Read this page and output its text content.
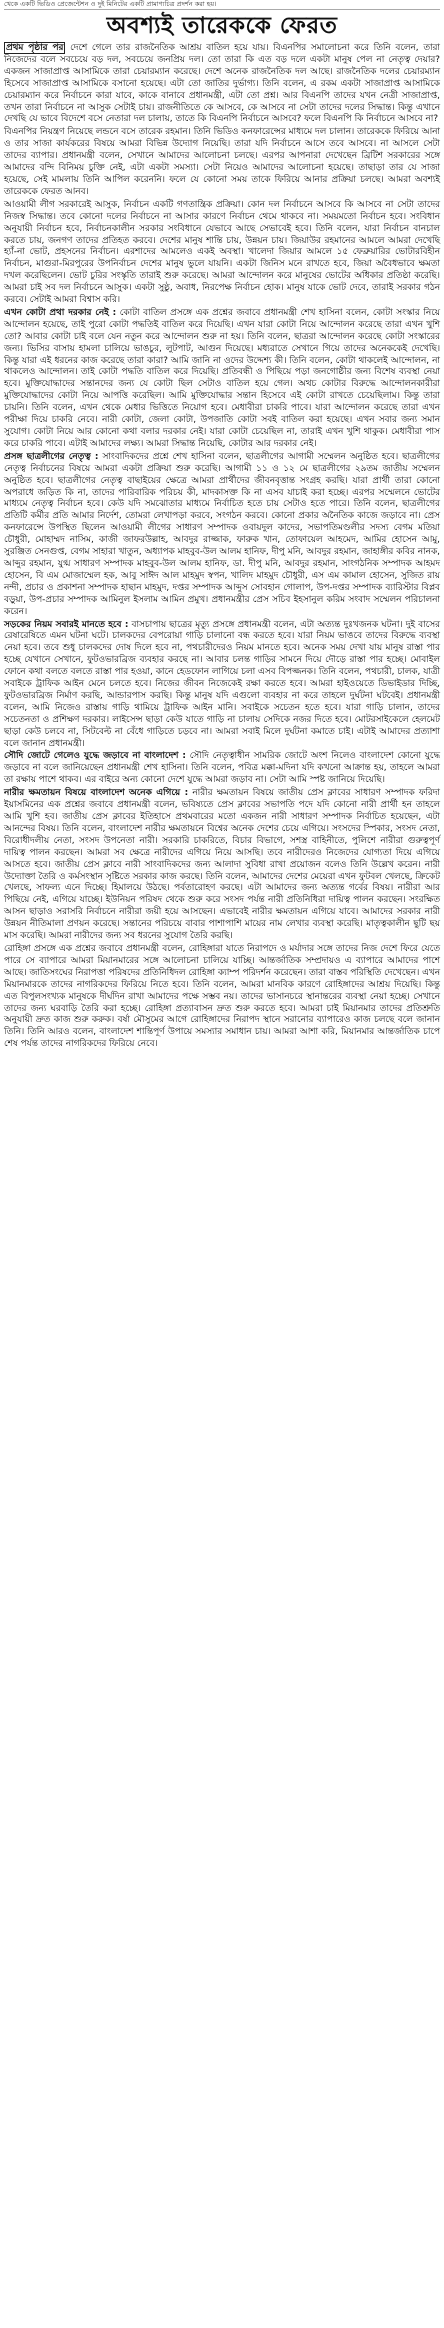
খেকে একটি ভিডিও প্রেজেন্টেশন ও দুই মিনিটের একটি প্রামাণ্যচিত্র প্রদর্শন করা হয়।
অবশ্যই তারেককে ফেরত

প্রথম পৃষ্ঠার পর দেশে গেলে তার রাজনৈতিক আশ্রয় বাতিল হয়ে যায়। বিএনপির সমালোচনা করে তিনি বলেন, তারা নিজেদের বলে সবচেয়ে বড় দল, সবচেয়ে জনপ্রিয় দল। তো তারা কি এত বড় দলে একটা মানুষ পেল না নেতৃত্ব দেয়ার? একজন সাজাপ্রাপ্ত আসামিকে তারা চেয়ারম্যান করেছে। দেশে অনেক রাজনৈতিক দল আছে। রাজনৈতিক দলের চেয়ারম্যান হিসেবে সাজাপ্রাপ্ত আসামিকে বসানো হয়েছে। এটা তো জাতির দুর্ভাগ্য। তিনি বলেন, এ রকম একটা সাজাপ্রাপ্ত আসামিকে চেয়ারম্যান করে নির্বাচনে কারা যাবে, কাকে বানাবে প্রধানমন্ত্রী, এটা তো প্রশ্ন। আর বিএনপি তাদের যখন নেত্রী সাজাপ্রাপ্ত, তখন তারা নির্বাচনে না আসুক সেটাই চায়। রাজনীতিতে কে আসবে, কে আসবে না সেটা তাদের দলের সিদ্ধান্ত। কিন্তু এখানে দেখছি যে ভাবে বিদেশে বসে নেতারা দল চালায়, তাতে কি বিএনপি নির্বাচনে আসবে? ফলে বিএনপি কি নির্বাচনে আসবে না?

বিএনপির নিয়ন্ত্রণ নিয়েছে লন্ডনে বসে তারেক রহমান। তিনি ভিডিও কনফারেন্সের মাধ্যমে দল চালান। তারেককে ফিরিয়ে আনা ও তার সাজা কার্যকরের বিষয়ে আমরা বিভিন্ন উদ্যোগ নিয়েছি। তারা যদি নির্বাচনে আসে তবে আসবে। না আসলে সেটা তাদের ব্যাপার। প্রধানমন্ত্রী বলেন, সেখানে আমাদের আলোচনা চলছে। এরপর আপনারা দেখেছেন ব্রিটিশ সরকারের সঙ্গে আমাদের বন্দি বিনিময় চুক্তি নেই, এটা একটা সমস্যা। সেটা নিয়েও আমাদের আলোচনা হয়েছে। তাছাড়া তার যে সাজা হয়েছে, সেই মামলায় তিনি আপিল করেননি। ফলে যে কোনো সময় তাকে ফিরিয়ে আনার প্রক্রিয়া চলছে। আমরা অবশ্যই তারেককে ফেরত আনব।

আওয়ামী লীগ সরকারেই আসুক, নির্বাচন একটি গণতান্ত্রিক প্রক্রিয়া। কোন দল নির্বাচনে আসবে কি আসবে না সেটা তাদের নিজস্ব সিদ্ধান্ত। তবে কোনো দলের নির্বাচনে না আসার কারণে নির্বাচন থেমে থাকবে না। সময়মতো নির্বাচন হবে। সংবিধান অনুযায়ী নির্বাচন হবে, নির্বাচনকালীন সরকার সংবিধানে যেভাবে আছে সেভাবেই হবে। তিনি বলেন, যারা নির্বাচন বানচাল করতে চায়, জনগণ তাদের প্রতিহত করবে। দেশের মানুষ শান্তি চায়, উন্নয়ন চায়। জিয়াউর রহমানের আমলে আমরা দেখেছি হ্যাঁ-না ভোট, প্রহসনের নির্বাচন। এরশাদের আমলেও একই অবস্থা। খালেদা জিয়ার আমলে ১৫ ফেব্রুয়ারির ভোটারবিহীন নির্বাচন, মাগুরা-মিরপুরের উপনির্বাচন দেশের মানুষ ভুলে যায়নি। একটা জিনিস মনে রাখতে হবে, জিয়া অবৈধভাবে ক্ষমতা দখল করেছিলেন। ভোট চুরির সংস্কৃতি তারাই শুরু করেছে। আমরা আন্দোলন করে মানুষের ভোটের অধিকার প্রতিষ্ঠা করেছি। আমরা চাই সব দল নির্বাচনে আসুক। একটা সুষ্ঠু, অবাধ, নিরপেক্ষ নির্বাচন হোক। মানুষ যাকে ভোট দেবে, তারাই সরকার গঠন করবে। সেটাই আমরা বিশ্বাস করি।

এখন কোটা প্রথা দরকার নেই : কোটা বাতিল প্রসঙ্গে এক প্রশ্নের জবাবে প্রধানমন্ত্রী শেখ হাসিনা বলেন, কোটা সংস্কার নিয়ে আন্দোলন হয়েছে, তাই পুরো কোটা পদ্ধতিই বাতিল করে দিয়েছি। এখন যারা কোটা নিয়ে আন্দোলন করেছে তারা এখন খুশি তো? আবার কোটা চাই বলে যেন নতুন করে আন্দোলন শুরু না হয়। তিনি বলেন, ছাত্ররা আন্দোলন করেছে কোটা সংস্কারের জন্য। ভিসির বাসায় হামলা চালিয়ে ভাঙচুর, লুটপাট, আগুন দিয়েছে। মধ্যরাতে সেখানে গিয়ে তাদের অনেককেই দেখেছি। কিন্তু যারা এই ধরনের কাজ করেছে তারা কারা? আমি জানি না ওদের উদ্দেশ্য কী। তিনি বলেন, কোটা থাকলেই আন্দোলন, না থাকলেও আন্দোলন। তাই কোটা পদ্ধতি বাতিল করে দিয়েছি। প্রতিবন্ধী ও পিছিয়ে পড়া জনগোষ্ঠীর জন্য বিশেষ ব্যবস্থা নেয়া হবে। মুক্তিযোদ্ধাদের সন্তানদের জন্য যে কোটা ছিল সেটাও বাতিল হয়ে গেল। অথচ কোটার বিরুদ্ধে আন্দোলনকারীরা মুক্তিযোদ্ধাদের কোটা নিয়ে আপত্তি করেছিল। আমি মুক্তিযোদ্ধার সন্তান হিসেবে এই কোটা রাখতে চেয়েছিলাম। কিন্তু তারা চায়নি। তিনি বলেন, এখন থেকে মেধার ভিত্তিতে নিয়োগ হবে। মেধাবীরা চাকরি পাবে। যারা আন্দোলন করেছে তারা এখন পরীক্ষা দিয়ে চাকরি নেবে। নারী কোটা, জেলা কোটা, উপজাতি কোটা সবই বাতিল করা হয়েছে। এখন সবার জন্য সমান সুযোগ। কোটা নিয়ে আর কোনো কথা বলার দরকার নেই। যারা কোটা চেয়েছিল না, তারাই এখন খুশি থাকুক। মেধাবীরা পাস করে চাকরি পাবে। এটাই আমাদের লক্ষ্য। আমরা সিদ্ধান্ত নিয়েছি, কোটার আর দরকার নেই।

প্রসঙ্গ ছাত্রলীগের নেতৃত্ব : সাংবাদিকদের প্রশ্নে শেখ হাসিনা বলেন, ছাত্রলীগের আগামী সম্মেলন অনুষ্ঠিত হবে। ছাত্রলীগের নেতৃত্ব নির্বাচনের বিষয়ে আমরা একটা প্রক্রিয়া শুরু করেছি। আগামী ১১ ও ১২ মে ছাত্রলীগের ২৯তম জাতীয় সম্মেলন অনুষ্ঠিত হবে। ছাত্রলীগের নেতৃত্ব বাছাইয়ের ক্ষেত্রে আমরা প্রার্থীদের জীবনবৃত্তান্ত সংগ্রহ করছি। যারা প্রার্থী তারা কোনো অপরাধে জড়িত কি না, তাদের পারিবারিক পরিচয় কী, মাদকাসক্ত কি না এসব যাচাই করা হচ্ছে। এরপর সম্মেলনে ভোটের মাধ্যমে নেতৃত্ব নির্বাচন হবে। কেউ যদি সমঝোতার মাধ্যমে নির্বাচিত হতে চায় সেটাও হতে পারে। তিনি বলেন, ছাত্রলীগের প্রতিটি কর্মীর প্রতি আমার নির্দেশ, তোমরা লেখাপড়া করবে, সংগঠন করবে। কোনো প্রকার অনৈতিক কাজে জড়াবে না। প্রেস কনফারেন্সে উপস্থিত ছিলেন আওয়ামী লীগের সাধারণ সম্পাদক ওবায়দুল কাদের, সভাপতিমণ্ডলীর সদস্য বেগম মতিয়া চৌধুরী, মোহাম্মদ নাসিম, কাজী জাফরউল্লাহ, আবদুর রাজ্জাক, ফারুক খান, তোফায়েল আহমেদ, আমির হোসেন আমু, সুরঞ্জিত সেনগুপ্ত, বেগম সাহারা খাতুন, অধ্যাপক মাহবুব-উল আলম হানিফ, দীপু মনি, আবদুর রহমান, জাহাঙ্গীর কবির নানক, আব্দুর রহমান, যুগ্ম সাধারণ সম্পাদক মাহবুব-উল আলম হানিফ, ডা. দীপু মনি, আবদুর রহমান, সাংগঠনিক সম্পাদক আহমদ হোসেন, বি এম মোজাম্মেল হক, আবু সাঈদ আল মাহমুদ স্বপন, খালিদ মাহমুদ চৌধুরী, এস এম কামাল হোসেন, সুজিত রায় নন্দী, প্রচার ও প্রকাশনা সম্পাদক হাছান মাহমুদ, দপ্তর সম্পাদক আব্দুস সোবহান গোলাপ, উপ-দপ্তর সম্পাদক ব্যারিস্টার বিপ্লব বড়ুয়া, উপ-প্রচার সম্পাদক আমিনুল ইসলাম আমিন প্রমুখ। প্রধানমন্ত্রীর প্রেস সচিব ইহসানুল করিম সংবাদ সম্মেলন পরিচালনা করেন।

সড়কের নিয়ম সবারই মানতে হবে : বাসচাপায় ছাত্রের মৃত্যু প্রসঙ্গে প্রধানমন্ত্রী বলেন, এটা অত্যন্ত দুঃখজনক ঘটনা। দুই বাসের রেষারেষিতে এমন ঘটনা ঘটে। চালকদের বেপরোয়া গাড়ি চালানো বন্ধ করতে হবে। যারা নিয়ম ভাঙবে তাদের বিরুদ্ধে ব্যবস্থা নেয়া হবে। তবে শুধু চালকদের দোষ দিলে হবে না, পথচারীদেরও নিয়ম মানতে হবে। অনেক সময় দেখা যায় মানুষ রাস্তা পার হচ্ছে যেখানে সেখানে, ফুটওভারব্রিজ ব্যবহার করছে না। আবার চলন্ত গাড়ির সামনে দিয়ে দৌড়ে রাস্তা পার হচ্ছে। মোবাইল ফোনে কথা বলতে বলতে রাস্তা পার হওয়া, কানে হেডফোন লাগিয়ে চলা এসব বিপজ্জনক। তিনি বলেন, পথচারী, চালক, যাত্রী সবাইকে ট্রাফিক আইন মেনে চলতে হবে। নিজের জীবন নিজেকেই রক্ষা করতে হবে। আমরা হাইওয়েতে ডিভাইডার দিচ্ছি, ফুটওভারব্রিজ নির্মাণ করছি, আন্ডারপাস করছি। কিন্তু মানুষ যদি এগুলো ব্যবহার না করে তাহলে দুর্ঘটনা ঘটবেই। প্রধানমন্ত্রী বলেন, আমি নিজেও রাস্তায় গাড়ি থামিয়ে ট্রাফিক আইন মানি। সবাইকে সচেতন হতে হবে। যারা গাড়ি চালান, তাদের সচেতনতা ও প্রশিক্ষণ দরকার। লাইসেন্স ছাড়া কেউ যাতে গাড়ি না চালায় সেদিকে নজর দিতে হবে। মোটরসাইকেলে হেলমেট ছাড়া কেউ চলবে না, সিটবেল্ট না বেঁধে গাড়িতে চড়বে না। আমরা সবাই মিলে দুর্ঘটনা কমাতে চাই। এটাই আমাদের প্রত্যাশা বলে জানান প্রধানমন্ত্রী।

সৌদি জোটে গেলেও যুদ্ধে জড়াবে না বাংলাদেশ : সৌদি নেতৃত্বাধীন সামরিক জোটে অংশ নিলেও বাংলাদেশ কোনো যুদ্ধে জড়াবে না বলে জানিয়েছেন প্রধানমন্ত্রী শেখ হাসিনা। তিনি বলেন, পবিত্র মক্কা-মদিনা যদি কখনো আক্রান্ত হয়, তাহলে আমরা তা রক্ষায় পাশে থাকব। এর বাইরে অন্য কোনো দেশে যুদ্ধে আমরা জড়াব না। সেটা আমি স্পষ্ট জানিয়ে দিয়েছি।

নারীর ক্ষমতায়ন বিষয়ে বাংলাদেশ অনেক এগিয়ে : নারীর ক্ষমতায়ন বিষয়ে জাতীয় প্রেস ক্লাবের সাধারণ সম্পাদক ফরিদা ইয়াসমিনের এক প্রশ্নের জবাবে প্রধানমন্ত্রী বলেন, ভবিষ্যতে প্রেস ক্লাবের সভাপতি পদে যদি কোনো নারী প্রার্থী হন তাহলে আমি খুশি হব। জাতীয় প্রেস ক্লাবের ইতিহাসে প্রথমবারের মতো একজন নারী সাধারণ সম্পাদক নির্বাচিত হয়েছেন, এটা আনন্দের বিষয়। তিনি বলেন, বাংলাদেশ নারীর ক্ষমতায়নে বিশ্বের অনেক দেশের চেয়ে এগিয়ে। সংসদের স্পিকার, সংসদ নেতা, বিরোধীদলীয় নেতা, সংসদ উপনেতা নারী। সরকারি চাকরিতে, বিচার বিভাগে, সশস্ত্র বাহিনীতে, পুলিশে নারীরা গুরুত্বপূর্ণ দায়িত্ব পালন করছেন। আমরা সব ক্ষেত্রে নারীদের এগিয়ে নিয়ে আসছি। তবে নারীদেরও নিজেদের যোগ্যতা দিয়ে এগিয়ে আসতে হবে। জাতীয় প্রেস ক্লাবে নারী সাংবাদিকদের জন্য আলাদা সুবিধা রাখা প্রয়োজন বলেও তিনি উল্লেখ করেন। নারী উদ্যোক্তা তৈরি ও কর্মসংস্থান সৃষ্টিতে সরকার কাজ করছে। তিনি বলেন, আমাদের দেশের মেয়েরা এখন ফুটবল খেলছে, ক্রিকেট খেলছে, সাফল্য এনে দিচ্ছে। হিমালয়ে উঠছে। পর্বতারোহণ করছে। এটা আমাদের জন্য অত্যন্ত গর্বের বিষয়। নারীরা আর পিছিয়ে নেই, এগিয়ে যাচ্ছে। ইউনিয়ন পরিষদ থেকে শুরু করে সংসদ পর্যন্ত নারী প্রতিনিধিরা দায়িত্ব পালন করছেন। সংরক্ষিত আসন ছাড়াও সরাসরি নির্বাচনে নারীরা জয়ী হয়ে আসছেন। এভাবেই নারীর ক্ষমতায়ন এগিয়ে যাবে। আমাদের সরকার নারী উন্নয়ন নীতিমালা প্রণয়ন করেছে। সন্তানের পরিচয়ে বাবার পাশাপাশি মায়ের নাম লেখার ব্যবস্থা করেছি। মাতৃত্বকালীন ছুটি ছয় মাস করেছি। আমরা নারীদের জন্য সব ধরনের সুযোগ তৈরি করছি।

রোহিঙ্গা প্রসঙ্গে এক প্রশ্নের জবাবে প্রধানমন্ত্রী বলেন, রোহিঙ্গারা যাতে নিরাপদে ও মর্যাদার সঙ্গে তাদের নিজ দেশে ফিরে যেতে পারে সে ব্যাপারে আমরা মিয়ানমারের সঙ্গে আলোচনা চালিয়ে যাচ্ছি। আন্তর্জাতিক সম্প্রদায়ও এ ব্যাপারে আমাদের পাশে আছে। জাতিসংঘের নিরাপত্তা পরিষদের প্রতিনিধিদল রোহিঙ্গা ক্যাম্প পরিদর্শন করেছেন। তারা বাস্তব পরিস্থিতি দেখেছেন। এখন মিয়ানমারকে তাদের নাগরিকদের ফিরিয়ে নিতে হবে। তিনি বলেন, আমরা মানবিক কারণে রোহিঙ্গাদের আশ্রয় দিয়েছি। কিন্তু এত বিপুলসংখ্যক মানুষকে দীর্ঘদিন রাখা আমাদের পক্ষে সম্ভব নয়। তাদের ভাসানচরে স্থানান্তরের ব্যবস্থা নেয়া হচ্ছে। সেখানে তাদের জন্য ঘরবাড়ি তৈরি করা হচ্ছে। রোহিঙ্গা প্রত্যাবাসন দ্রুত শুরু করতে হবে। আমরা চাই মিয়ানমার তাদের প্রতিশ্রুতি অনুযায়ী দ্রুত কাজ শুরু করুক। বর্ষা মৌসুমের আগে রোহিঙ্গাদের নিরাপদ স্থানে সরানোর ব্যাপারেও কাজ চলছে বলে জানান তিনি। তিনি আরও বলেন, বাংলাদেশ শান্তিপূর্ণ উপায়ে সমস্যার সমাধান চায়। আমরা আশা করি, মিয়ানমার আন্তর্জাতিক চাপে শেষ পর্যন্ত তাদের নাগরিকদের ফিরিয়ে নেবে।
